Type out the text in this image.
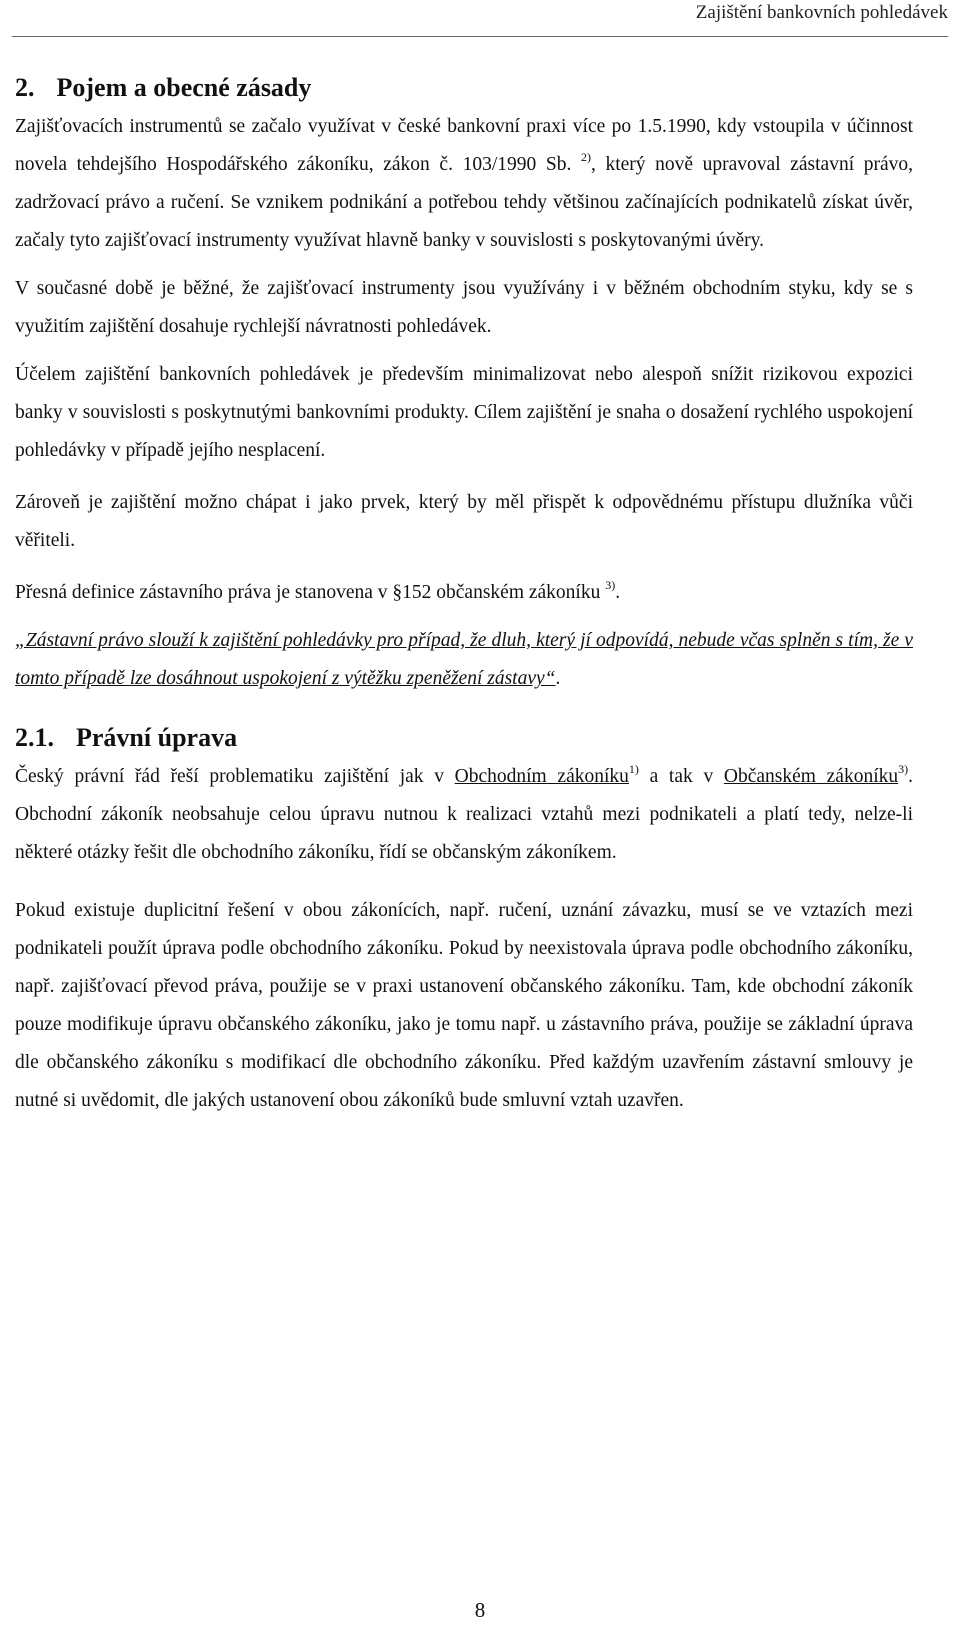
Zajištění bankovních pohledávek
2. Pojem a obecné zásady

Zajišťovacích instrumentů se začalo využívat v české bankovní praxi více po 1.5.1990, kdy vstoupila v účinnost novela tehdejšího Hospodářského zákoníku, zákon č. 103/1990 Sb. $^{2)}$, který nově upravoval zástavní právo, zadržovací právo a ručení. Se vznikem podnikání a potřebou tehdy většinou začínajících podnikatelů získat úvěr, začaly tyto zajišťovací instrumenty využívat hlavně banky v souvislosti s poskytovanými úvěry.

V současné době je běžné, že zajišťovací instrumenty jsou využívány i v běžném obchodním styku, kdy se s využitím zajištění dosahuje rychlejší návratnosti pohledávek.

Účelem zajištění bankovních pohledávek je především minimalizovat nebo alespoň snížit rizikovou expozici banky v souvislosti s poskytnutými bankovními produkty. Cílem zajištění je snaha o dosažení rychlého uspokojení pohledávky v případě jejího nesplacení.

Zároveň je zajištění možno chápat i jako prvek, který by měl přispět k odpovědnému přístupu dlužníka vůči věřiteli.

Přesná definice zástavního práva je stanovena v §152 občanském zákoníku $^{3)}$.

„Zástavní právo slouží k zajištění pohledávky pro případ, že dluh, který jí odpovídá, nebude včas splněn s tím, že v tomto případě lze dosáhnout uspokojení z výtěžku zpeněžení zástavy“.

2.1. Právní úprava

Český právní řád řeší problematiku zajištění jak v Obchodním zákoníku$^{1)}$ a tak v Občanském zákoníku$^{3)}$. Obchodní zákoník neobsahuje celou úpravu nutnou k realizaci vztahů mezi podnikateli a platí tedy, nelze-li některé otázky řešit dle obchodního zákoníku, řídí se občanským zákoníkem.

Pokud existuje duplicitní řešení v obou zákonících, např. ručení, uznání závazku, musí se ve vztazích mezi podnikateli použít úprava podle obchodního zákoníku. Pokud by neexistovala úprava podle obchodního zákoníku, např. zajišťovací převod práva, použije se v praxi ustanovení občanského zákoníku. Tam, kde obchodní zákoník pouze modifikuje úpravu občanského zákoníku, jako je tomu např. u zástavního práva, použije se základní úprava dle občanského zákoníku s modifikací dle obchodního zákoníku. Před každým uzavřením zástavní smlouvy je nutné si uvědomit, dle jakých ustanovení obou zákoníků bude smluvní vztah uzavřen.

8
